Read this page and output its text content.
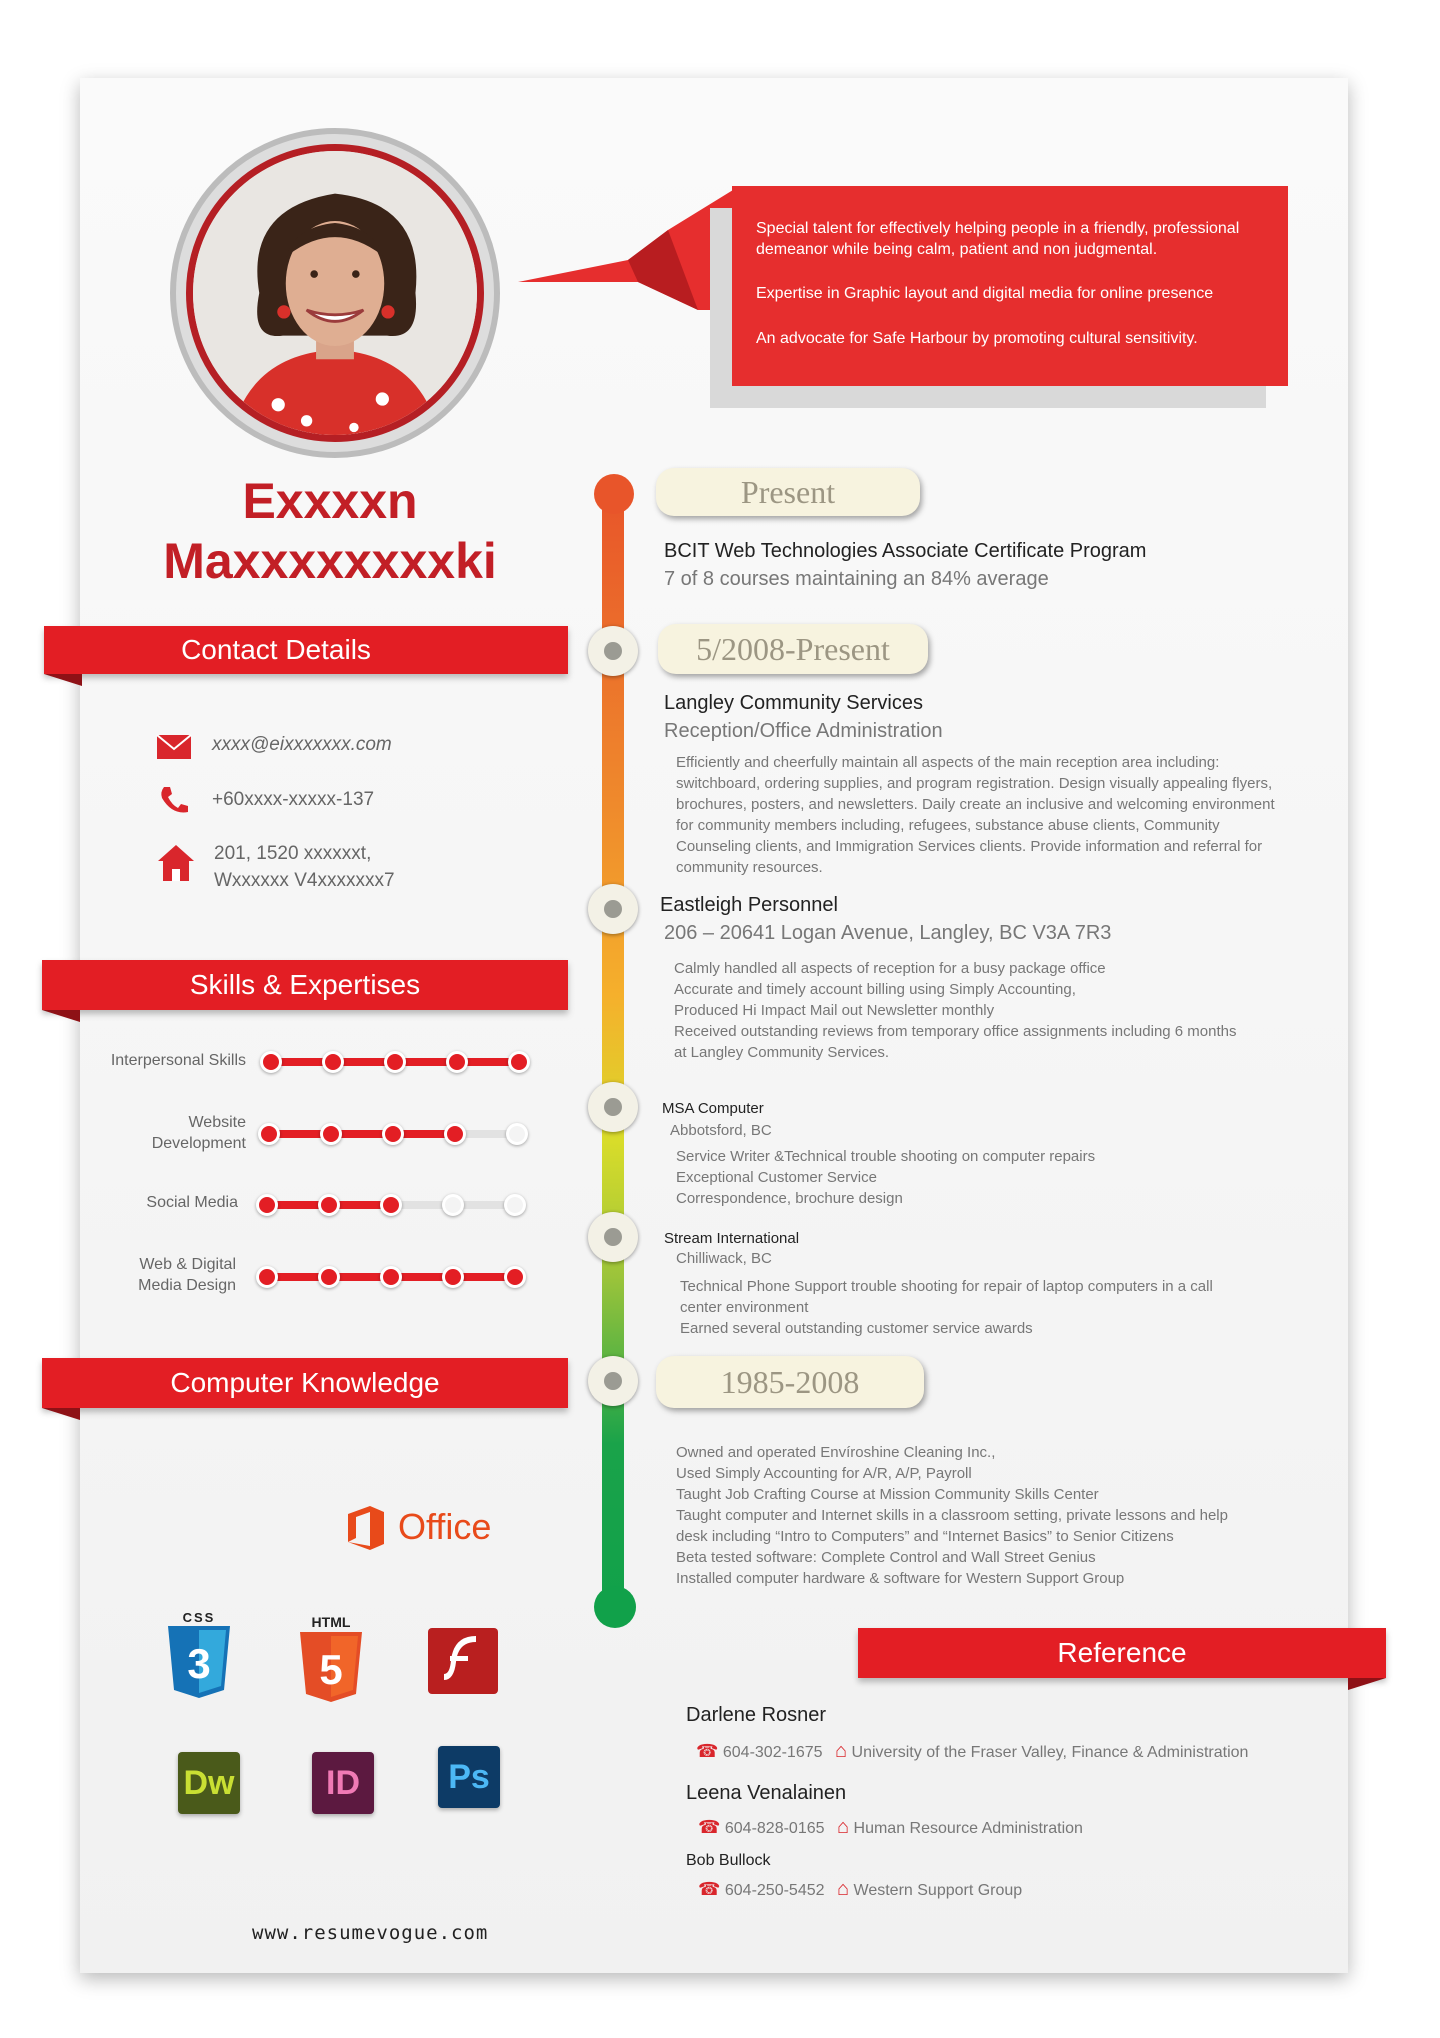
Exxxxn
Maxxxxxxxxki

Special talent for effectively helping people in a friendly, professional demeanor while being calm, patient and non judgmental.

Expertise in Graphic layout and digital media for online presence

An advocate for Safe Harbour by promoting cultural sensitivity.

Contact Details
xxxx@eixxxxxxx.com
+60xxxx-xxxxx-137
201, 1520 xxxxxxt,
Wxxxxxx V4xxxxxxx7
Skills & Expertises
Interpersonal Skills
Website
Development
Social Media
Web & Digital
Media Design
Computer Knowledge
Office
CSS
3
HTML
5
Dw	ID	Ps
www.resumevogue.com
Present
5/2008-Present
1985-2008
BCIT Web Technologies Associate Certificate Program
7 of 8 courses maintaining an 84% average
Langley Community Services
Reception/Office Administration
Efficiently and cheerfully maintain all aspects of the main reception area including:
switchboard, ordering supplies, and program registration. Design visually appealing flyers,
brochures, posters, and newsletters. Daily create an inclusive and welcoming environment
for community members including, refugees, substance abuse clients, Community
Counseling clients, and Immigration Services clients. Provide information and referral for
community resources.
Eastleigh Personnel
206 – 20641 Logan Avenue, Langley, BC V3A 7R3
Calmly handled all aspects of reception for a busy package office
Accurate and timely account billing using Simply Accounting,
Produced Hi Impact Mail out Newsletter monthly
Received outstanding reviews from temporary office assignments including 6 months
at Langley Community Services.
MSA Computer
Abbotsford, BC
Service Writer &Technical trouble shooting on computer repairs
Exceptional Customer Service
Correspondence, brochure design
Stream International
Chilliwack, BC
Technical Phone Support trouble shooting for repair of laptop computers in a call
center environment
Earned several outstanding customer service awards
Owned and operated Envíroshine Cleaning Inc.,
Used Simply Accounting for A/R, A/P, Payroll
Taught Job Crafting Course at Mission Community Skills Center
Taught computer and Internet skills in a classroom setting, private lessons and help
desk including “Intro to Computers” and “Internet Basics” to Senior Citizens
Beta tested software: Complete Control and Wall Street Genius
Installed computer hardware & software for Western Support Group
Reference
Darlene Rosner
☎ 604-302-1675 ⌂ University of the Fraser Valley, Finance & Administration
Leena Venalainen
☎ 604-828-0165 ⌂ Human Resource Administration
Bob Bullock
☎ 604-250-5452 ⌂ Western Support Group
